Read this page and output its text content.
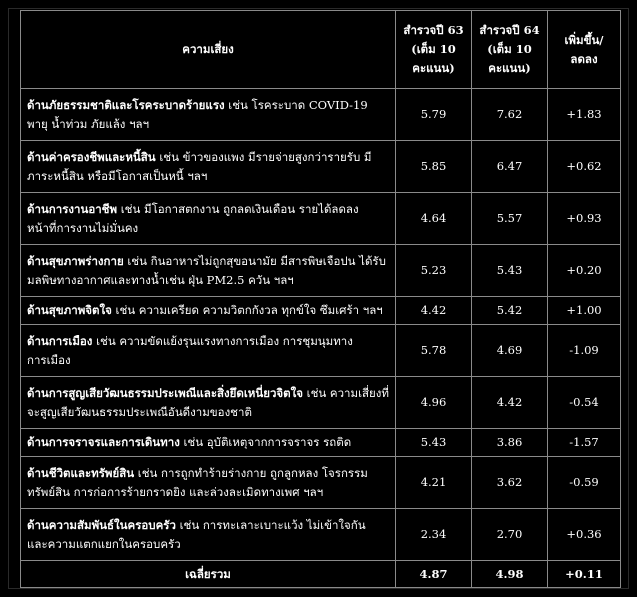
ความเสี่ยง	สำรวจปี 63
(เต็ม 10
คะแนน)	สำรวจปี 64
(เต็ม 10
คะแนน)	เพิ่มขึ้น/
ลดลง
ด้านภัยธรรมชาติและโรคระบาดร้ายแรง เช่น โรคระบาด COVID-19 พายุ น้ำท่วม ภัยแล้ง ฯลฯ	5.79	7.62	+1.83
ด้านค่าครองชีพและหนี้สิน เช่น ข้าวของแพง มีรายจ่ายสูงกว่ารายรับ มีภาระหนี้สิน หรือมีโอกาสเป็นหนี้ ฯลฯ	5.85	6.47	+0.62
ด้านการงานอาชีพ เช่น มีโอกาสตกงาน ถูกลดเงินเดือน รายได้ลดลง หน้าที่การงานไม่มั่นคง	4.64	5.57	+0.93
ด้านสุขภาพร่างกาย เช่น กินอาหารไม่ถูกสุขอนามัย มีสารพิษเจือปน ได้รับมลพิษทางอากาศและทางน้ำเช่น ฝุ่น PM2.5 ควัน ฯลฯ	5.23	5.43	+0.20
ด้านสุขภาพจิตใจ เช่น ความเครียด ความวิตกกังวล ทุกข์ใจ ซึมเศร้า ฯลฯ	4.42	5.42	+1.00
ด้านการเมือง เช่น ความขัดแย้งรุนแรงทางการเมือง การชุมนุมทาง การเมือง	5.78	4.69	-1.09
ด้านการสูญเสียวัฒนธรรมประเพณีและสิ่งยึดเหนี่ยวจิตใจ เช่น ความเสี่ยงที่จะสูญเสียวัฒนธรรมประเพณีอันดีงามของชาติ	4.96	4.42	-0.54
ด้านการจราจรและการเดินทาง เช่น อุบัติเหตุจากการจราจร รถติด	5.43	3.86	-1.57
ด้านชีวิตและทรัพย์สิน เช่น การถูกทำร้ายร่างกาย ถูกลูกหลง โจรกรรมทรัพย์สิน การก่อการร้ายกราดยิง และล่วงละเมิดทางเพศ ฯลฯ	4.21	3.62	-0.59
ด้านความสัมพันธ์ในครอบครัว เช่น การทะเลาะเบาะแว้ง ไม่เข้าใจกัน และความแตกแยกในครอบครัว	2.34	2.70	+0.36
เฉลี่ยรวม	4.87	4.98	+0.11
